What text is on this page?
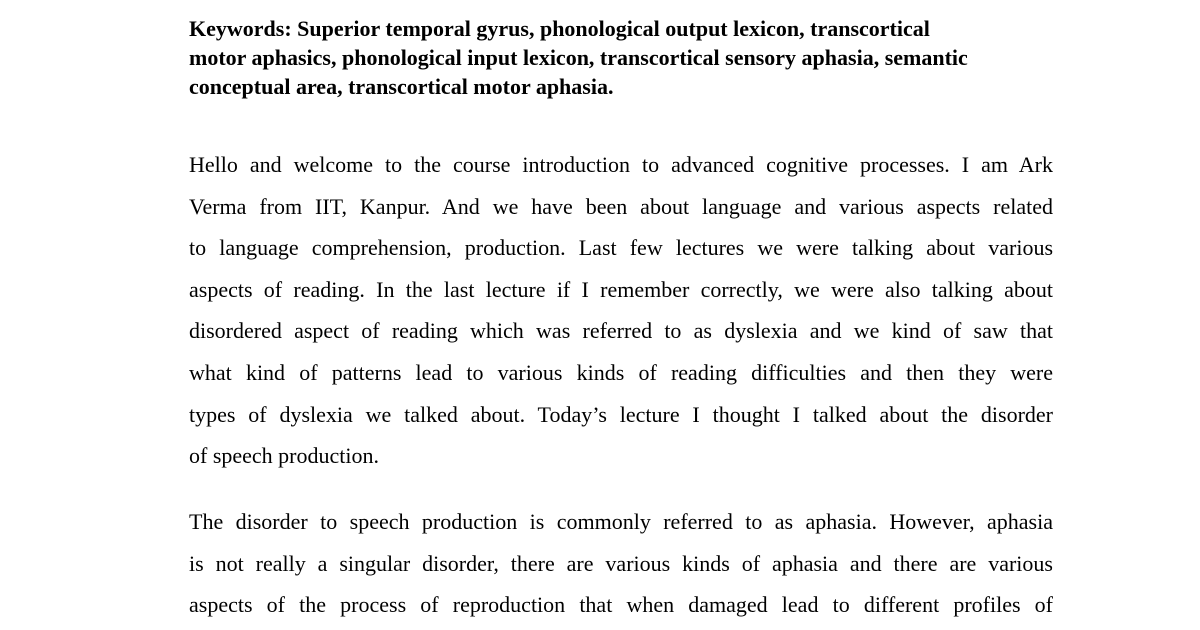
Keywords: Superior temporal gyrus, phonological output lexicon, transcortical
motor aphasics, phonological input lexicon, transcortical sensory aphasia, semantic
conceptual area, transcortical motor aphasia.
Hello and welcome to the course introduction to advanced cognitive processes. I am Ark
Verma from IIT, Kanpur. And we have been about language and various aspects related
to language comprehension, production. Last few lectures we were talking about various
aspects of reading. In the last lecture if I remember correctly, we were also talking about
disordered aspect of reading which was referred to as dyslexia and we kind of saw that
what kind of patterns lead to various kinds of reading difficulties and then they were
types of dyslexia we talked about. Today’s lecture I thought I talked about the disorder
of speech production.
The disorder to speech production is commonly referred to as aphasia. However, aphasia
is not really a singular disorder, there are various kinds of aphasia and there are various
aspects of the process of reproduction that when damaged lead to different profiles of
